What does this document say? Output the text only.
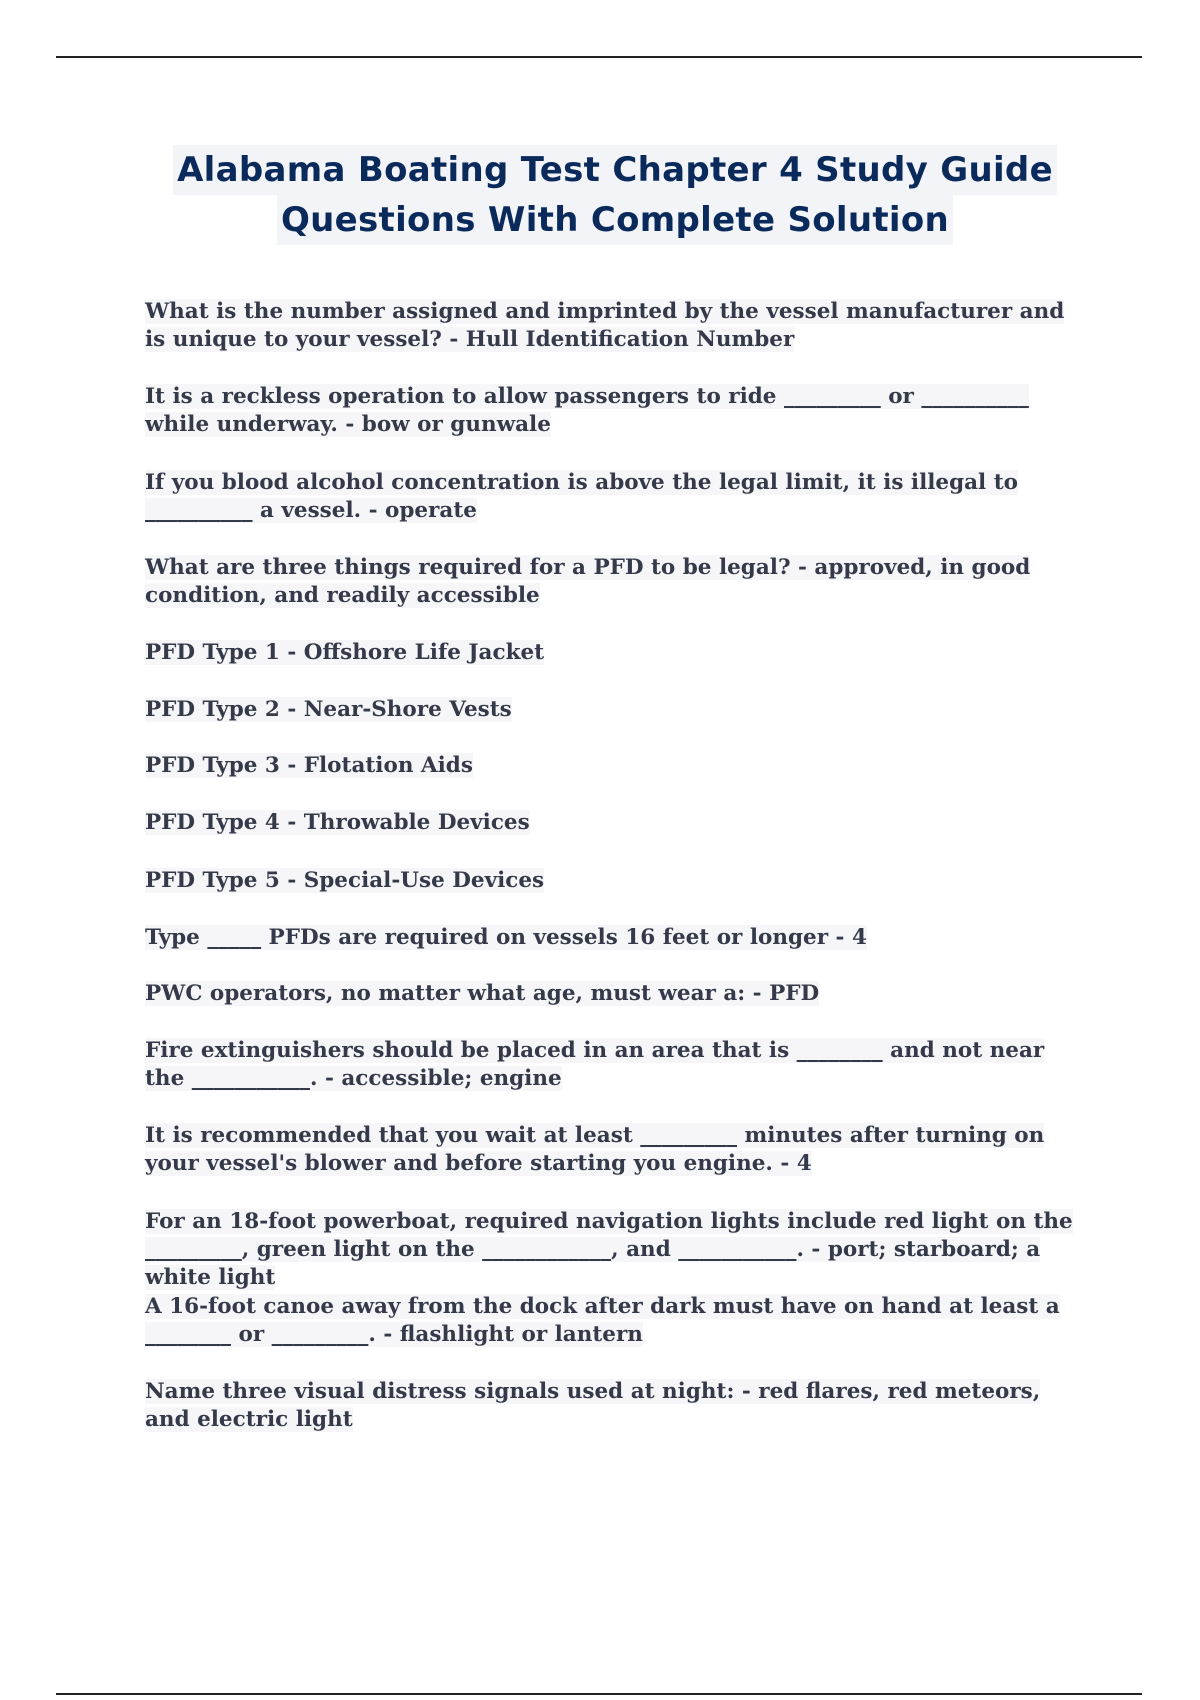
Alabama Boating Test Chapter 4 Study Guide
Questions With Complete Solution

What is the number assigned and imprinted by the vessel manufacturer and is unique to your vessel? - Hull Identification Number

It is a reckless operation to allow passengers to ride _________ or __________ while underway. - bow or gunwale

If you blood alcohol concentration is above the legal limit, it is illegal to __________ a vessel. - operate

What are three things required for a PFD to be legal? - approved, in good condition, and readily accessible

PFD Type 1 - Offshore Life Jacket

PFD Type 2 - Near-Shore Vests

PFD Type 3 - Flotation Aids

PFD Type 4 - Throwable Devices

PFD Type 5 - Special-Use Devices

Type _____ PFDs are required on vessels 16 feet or longer - 4

PWC operators, no matter what age, must wear a: - PFD

Fire extinguishers should be placed in an area that is ________ and not near the ___________. - accessible; engine

It is recommended that you wait at least _________ minutes after turning on your vessel's blower and before starting you engine. - 4

For an 18-foot powerboat, required navigation lights include red light on the _________, green light on the ____________, and ___________. - port; starboard; a white light

A 16-foot canoe away from the dock after dark must have on hand at least a ________ or _________. - flashlight or lantern

Name three visual distress signals used at night: - red flares, red meteors, and electric light
